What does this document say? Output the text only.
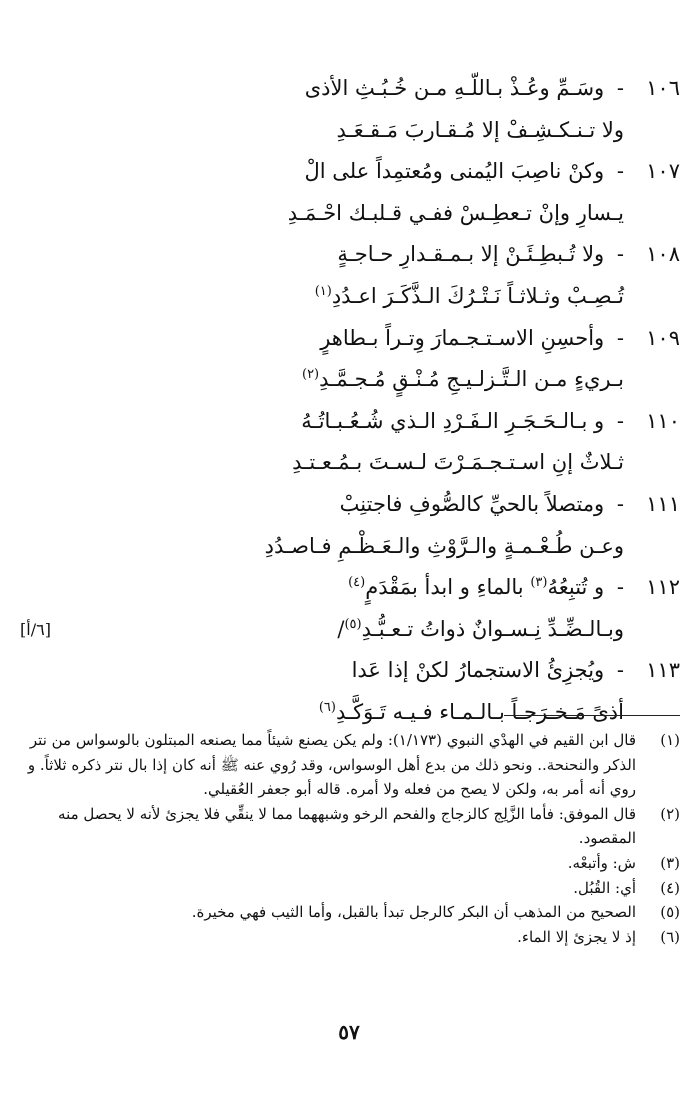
١٠٦- وسَـمِّ وعُـذْ بـاللّـهِ مـن خُـبُـثِ الأذى
ولا تـنـكـشِـفْ إلا مُـقـاربَ مَـقـعَـدِ
١٠٧- وكنْ ناصِبَ اليُمنى ومُعتمِداً على الْ
يـسارِ وإنْ تـعطِـسْ ففـي قـلبـك احْـمَـدِ
١٠٨- ولا تُـبطِـئَـنْ إلا بـمـقـدارِ حـاجـةٍ
تُـصِـبْ وثـلاثـاً نَـتْـرُكَ الـذَّكَـرَ اعـدُدِ$^{(١)}$
١٠٩- وأحسِنِ الاسـتـجـمارَ وِتـراً بـطاهرٍ
بـريءٍ مـن الـتَّـزلـيـجِ مُـنْـقٍ مُـجـمَّـدِ$^{(٢)}$
١١٠- و بـالـحَـجَـرِ الـفَـرْدِ الـذي شُـعُـبـاتُـهُ
ثـلاثٌ إنِ اسـتـجـمَـرْتَ لـسـتَ بـمُـعـتـدِ
١١١- ومتصلاً بالحيِّ كالصُّوفِ فاجتنِبْ
وعـن طُـعْـمـةٍ والـرَّوْثِ والـعَـظْـمِ فـاصـدُدِ
١١٢- و تُتبِعُهُ$^{(٣)}$ بالماءِ و ابدأ بمَقْدَمٍ$^{(٤)}$
وبـالـضِّـدِّ نِـسـوانٌ ذواتُ تـعـبُّـدِ$^{(٥)}$/
[٦/أ]
١١٣- ويُجزِئُ الاستجمارُ لكنْ إذا عَدا
أذىً مَـخـرَجـاً بـالـمـاء فـيـه تَـوَكَّـدِ$^{(٦)}$
(١)
قال ابن القيم في الهدْي النبوي (١/١٧٣): ولم يكن يصنع شيئاً مما يصنعه المبتلون بالوسواس من نتر الذكر والنحنحة.. ونحو ذلك من بدع أهل الوسواس، وقد رُوي عنه ﷺ أنه كان إذا بال نتر ذكره ثلاثاً. و روي أنه أمر به، ولكن لا يصح من فعله ولا أمره. قاله أبو جعفر العُقيلي.
(٢)
قال الموفق: فأما الزَّلِج كالزجاج والفحم الرخو وشبههما مما لا ينقِّي فلا يجزئ لأنه لا يحصل منه المقصود.
(٣)
ش: وأتبعْه.
(٤)
أي: القُبُل.
(٥)
الصحيح من المذهب أن البكر كالرجل تبدأ بالقبل، وأما الثيب فهي مخيرة.
(٦)
إذ لا يجزئ إلا الماء.
٥٧
